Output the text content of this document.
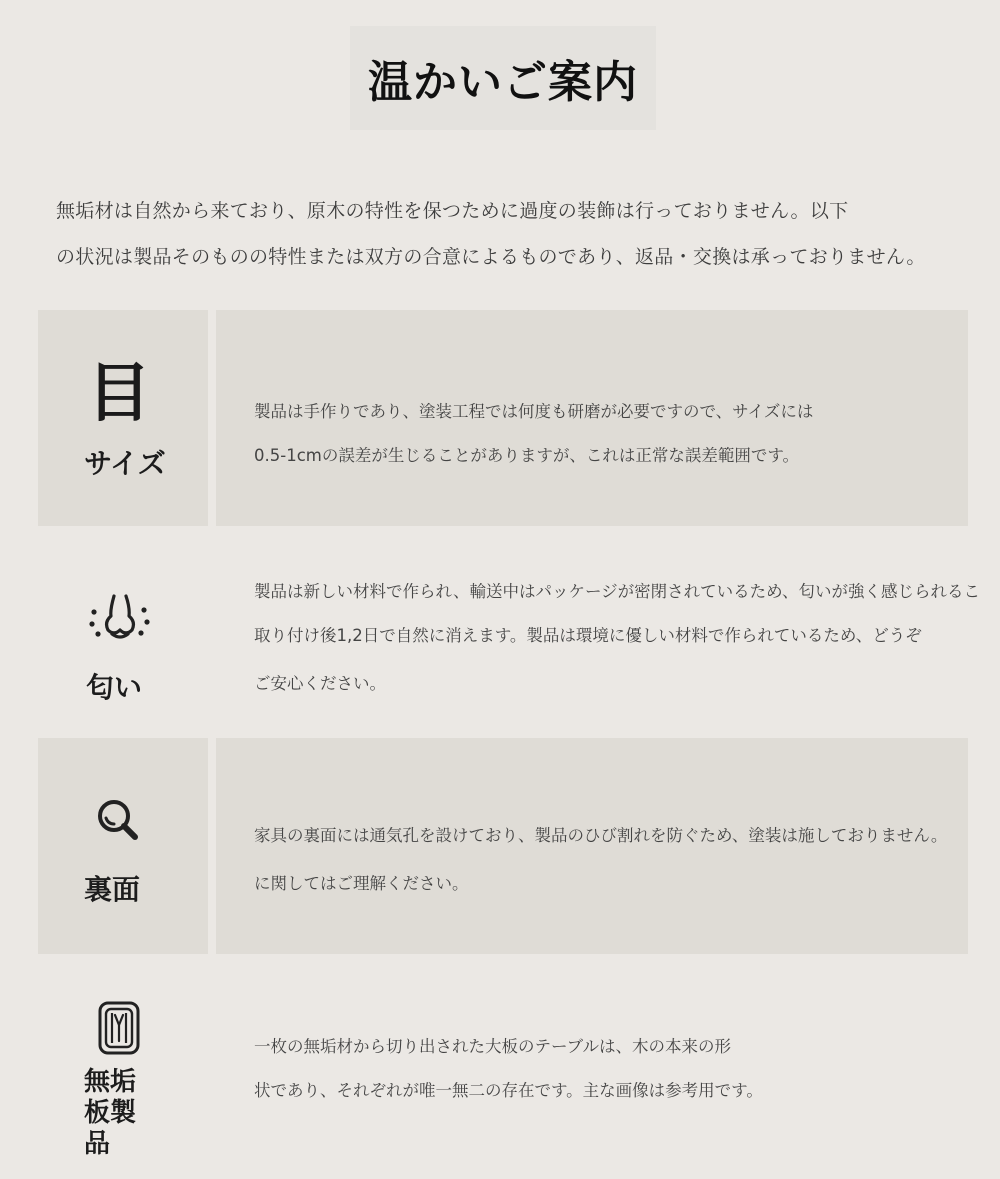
温かいご案内

無垢材は自然から来ており、原木の特性を保つために過度の装飾は行っておりません。以下

の状況は製品そのものの特性または双方の合意によるものであり、返品・交換は承っておりません。

目
サイズ

製品は手作りであり、塗装工程では何度も研磨が必要ですので、サイズには

0.5-1cmの誤差が生じることがありますが、これは正常な誤差範囲です。

匂い

製品は新しい材料で作られ、輸送中はパッケージが密閉されているため、匂いが強く感じられるこ

取り付け後1,2日で自然に消えます。製品は環境に優しい材料で作られているため、どうぞ

ご安心ください。

裏面

家具の裏面には通気孔を設けており、製品のひび割れを防ぐため、塗装は施しておりません。

に関してはご理解ください。

無垢
板製
品

一枚の無垢材から切り出された大板のテーブルは、木の本来の形

状であり、それぞれが唯一無二の存在です。主な画像は参考用です。
